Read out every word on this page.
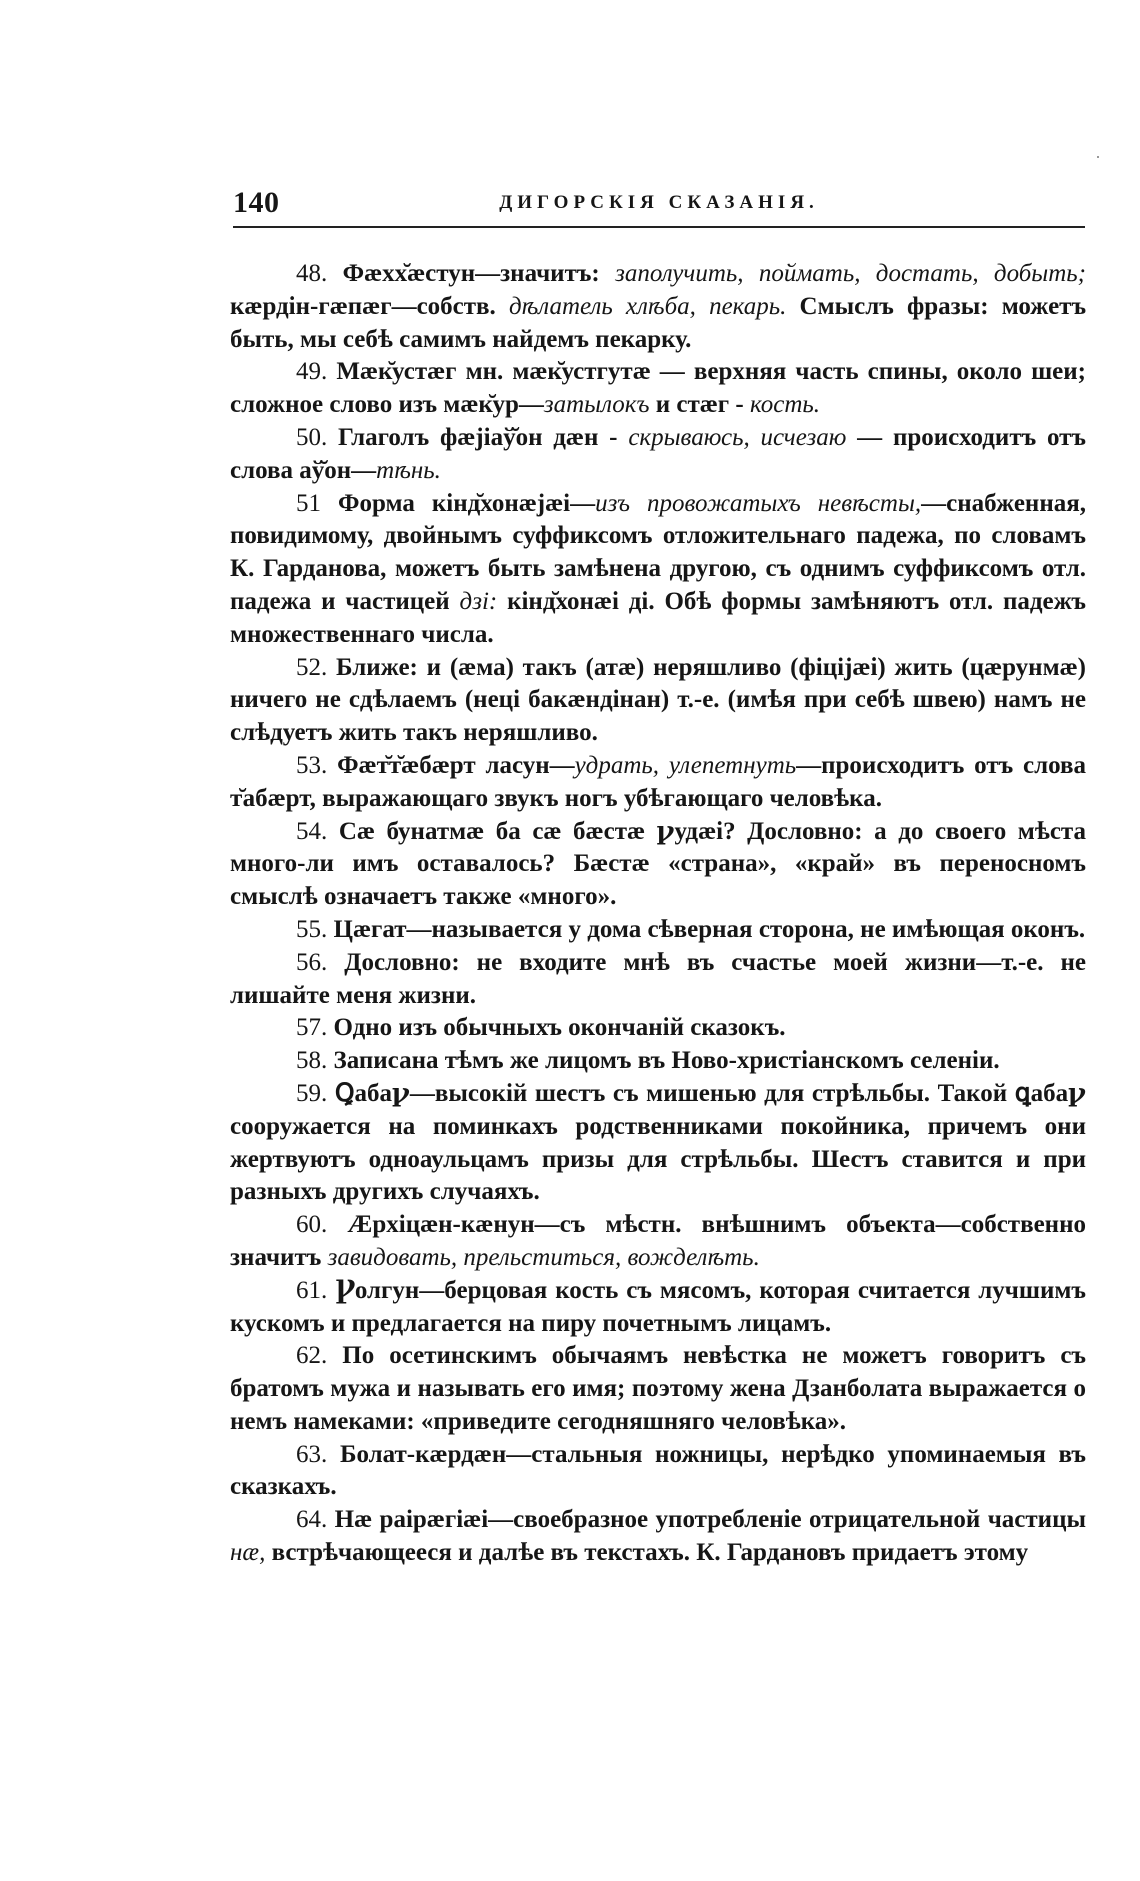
140	ДИГОРСКІЯ СКАЗАНІЯ.

48. Фæхх̆æстун—значитъ: заполучить, поймать, достать, добыть; кæрдін-гæпæг—собств. дѣлатель хлѣба, пекарь. Смыслъ фразы: можетъ быть, мы себѣ самимъ найдемъ пекарку.

49. Мæк̆устæг мн. мæк̆устгутæ — верхняя часть спины, около шеи; сложное слово изъ мæк̆ур—затылокъ и стæг - кость.

50. Глаголъ фæjiаў̆он дæн - скрываюсь, исчезаю — происходитъ отъ слова аў̆он—тѣнь.

51 Форма кінд̆хонæjæi—изъ провожатыхъ невѣсты,—снабженная, повидимому, двойнымъ суффиксомъ отложительнаго падежа, по словамъ К. Гарданова, можетъ быть замѣнена другою, съ однимъ суффиксомъ отл. падежа и частицей дзі: кінд̆хонæі дi. Обѣ формы замѣняютъ отл. падежъ множественнаго числа.

52. Ближе: и (æма) такъ (атæ) неряшливо (фiцiјæі) жить (цæрунмæ) ничего не сдѣлаемъ (нецi бакæндiнан) т.-е. (имѣя при себѣ швею) намъ не слѣдуетъ жить такъ неряшливо.

53. Фæт̆т̆æбæрт ласун—удрать, улепетнуть—происходитъ отъ слова т̆абæрт, выражающаго звукъ ногъ убѣгающаго человѣка.

54. Сæ бунатмæ ба сæ бæстæ ꝩудæі? Дословно: а до своего мѣста много-ли имъ оставалось? Бæстæ «страна», «край» въ переносномъ смыслѣ означаетъ также «много».

55. Цæгат—называется у дома сѣверная сторона, не имѣющая оконъ.

56. Дословно: не входите мнѣ въ счастье моей жизни—т.-е. не лишайте меня жизни.

57. Одно изъ обычныхъ окончаній сказокъ.

58. Записана тѣмъ же лицомъ въ Ново-христіанскомъ селеніи.

59. Ꝗабаꝩ—высокій шестъ съ мишенью для стрѣльбы. Такой ꝗабаꝩ сооружается на поминкахъ родственниками покойника, причемъ они жертвуютъ одноаульцамъ призы для стрѣльбы. Шестъ ставится и при разныхъ другихъ случаяхъ.

60. Æрхiцæн-кæнун—съ мѣстн. внѣшнимъ объекта—собственно значитъ завидовать, прельститься, вожделѣть.

61. Ꝩолгун—берцовая кость съ мясомъ, которая считается лучшимъ кускомъ и предлагается на пиру почетнымъ лицамъ.

62. По осетинскимъ обычаямъ невѣстка не можетъ говоритъ съ братомъ мужа и называть его имя; поэтому жена Дзанболата выражается о немъ намеками: «приведите сегодняшняго человѣка».

63. Болат-кæрдæн—стальныя ножницы, нерѣдко упоминаемыя въ сказкахъ.

64. Нæ раiрæгiæi—своебразное употребленіе отрицательной частицы нæ, встрѣчающееся и далѣе въ текстахъ. К. Гардановъ придаетъ этому
